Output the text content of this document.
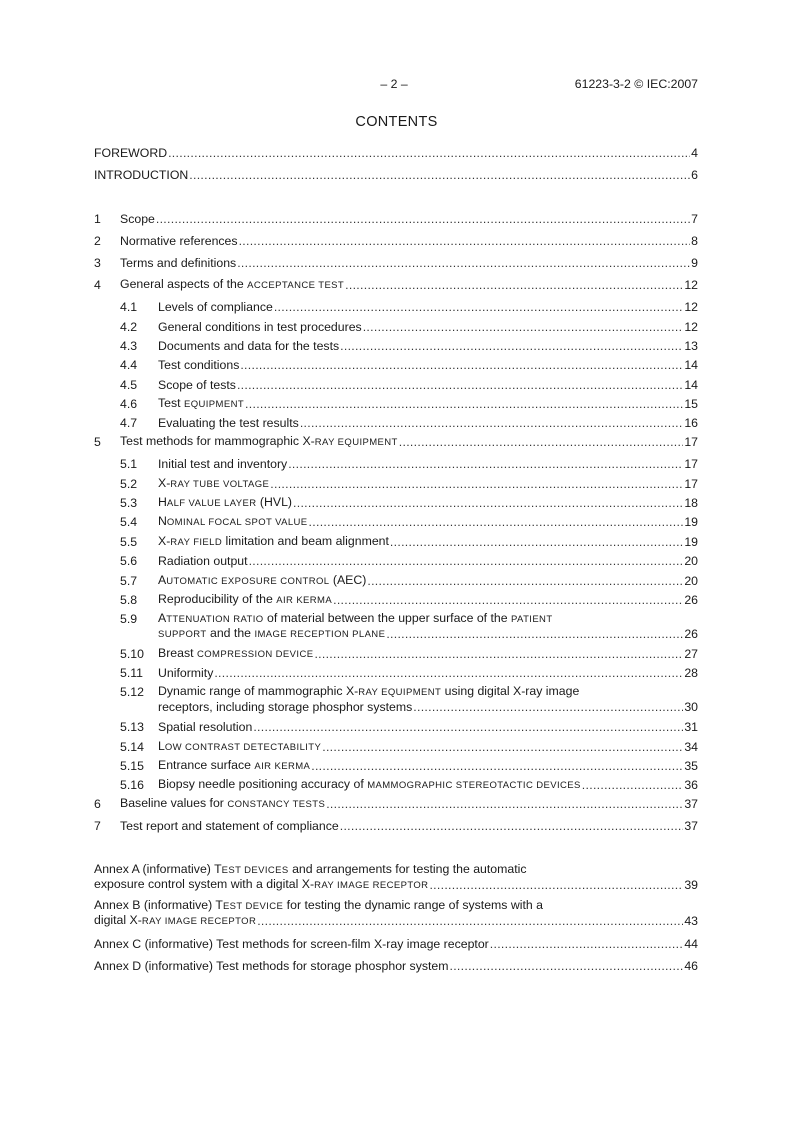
– 2 –	61223-3-2 © IEC:2007
CONTENTS
FOREWORD .....	4
INTRODUCTION .....	6
1	Scope .....	7
2	Normative references .....	8
3	Terms and definitions .....	9
4	General aspects of the ACCEPTANCE TEST .....	12
4.1	Levels of compliance .....	12
4.2	General conditions in test procedures .....	12
4.3	Documents and data for the tests .....	13
4.4	Test conditions .....	14
4.5	Scope of tests .....	14
4.6	Test EQUIPMENT .....	15
4.7	Evaluating the test results .....	16
5	Test methods for mammographic X-RAY EQUIPMENT .....	17
5.1	Initial test and inventory .....	17
5.2	X-RAY TUBE VOLTAGE .....	17
5.3	HALF VALUE LAYER (HVL) .....	18
5.4	NOMINAL FOCAL SPOT VALUE .....	19
5.5	X-RAY FIELD limitation and beam alignment .....	19
5.6	Radiation output .....	20
5.7	AUTOMATIC EXPOSURE CONTROL (AEC) .....	20
5.8	Reproducibility of the AIR KERMA .....	26
5.9	ATTENUATION RATIO of material between the upper surface of the PATIENT
SUPPORT and the IMAGE RECEPTION PLANE .....	26
5.10	Breast COMPRESSION DEVICE .....	27
5.11	Uniformity .....	28
5.12	Dynamic range of mammographic X-RAY EQUIPMENT using digital X-ray image
receptors, including storage phosphor systems .....	30
5.13	Spatial resolution .....	31
5.14	LOW CONTRAST DETECTABILITY .....	34
5.15	Entrance surface AIR KERMA .....	35
5.16	Biopsy needle positioning accuracy of MAMMOGRAPHIC STEREOTACTIC DEVICES .....	36
6	Baseline values for CONSTANCY TESTS .....	37
7	Test report and statement of compliance .....	37
Annex A (informative) TEST DEVICES and arrangements for testing the automatic
exposure control system with a digital X-RAY IMAGE RECEPTOR .....	39
Annex B (informative) TEST DEVICE for testing the dynamic range of systems with a
digital X-RAY IMAGE RECEPTOR .....	43
Annex C (informative) Test methods for screen-film X-ray image receptor .....	44
Annex D (informative) Test methods for storage phosphor system .....	46
